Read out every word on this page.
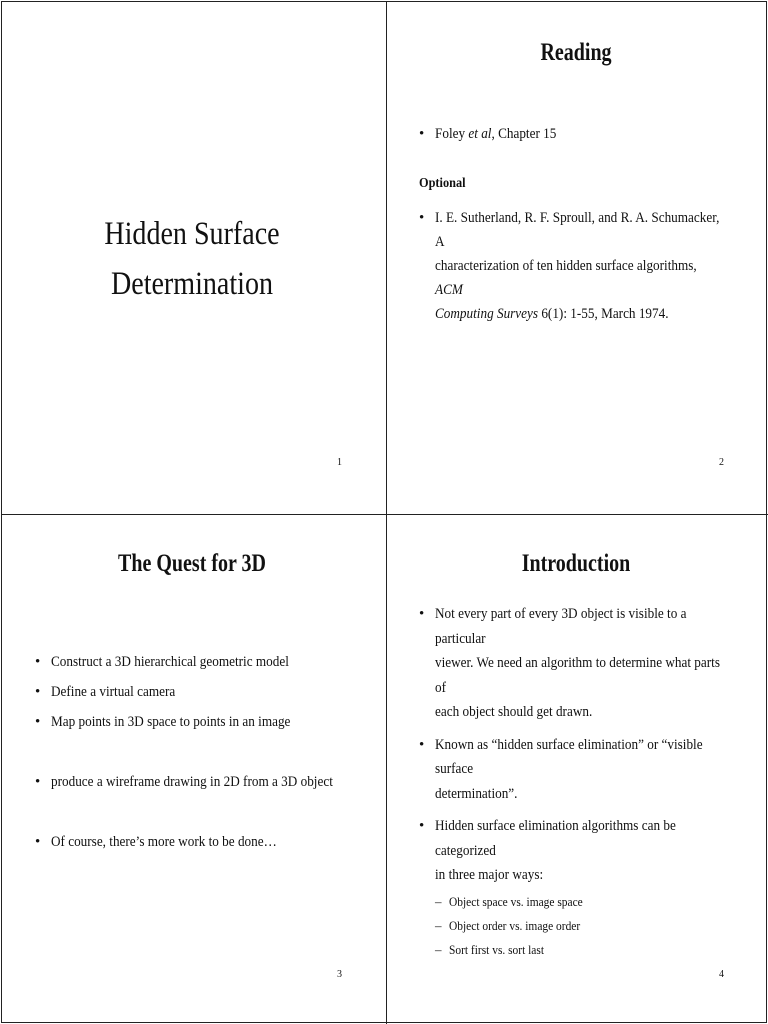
Hidden Surface
Determination
1
Reading
• Foley et al, Chapter 15
Optional
• I. E. Sutherland, R. F. Sproull, and R. A. Schumacker, A
characterization of ten hidden surface algorithms, ACM
Computing Surveys 6(1): 1-55, March 1974.
2
The Quest for 3D
• Construct a 3D hierarchical geometric model
• Define a virtual camera
• Map points in 3D space to points in an image
• produce a wireframe drawing in 2D from a 3D object
• Of course, there’s more work to be done…
3
Introduction
• Not every part of every 3D object is visible to a particular
viewer. We need an algorithm to determine what parts of
each object should get drawn.
• Known as “hidden surface elimination” or “visible surface
determination”.
• Hidden surface elimination algorithms can be categorized
in three major ways:
– Object space vs. image space
– Object order vs. image order
– Sort first vs. sort last
4
